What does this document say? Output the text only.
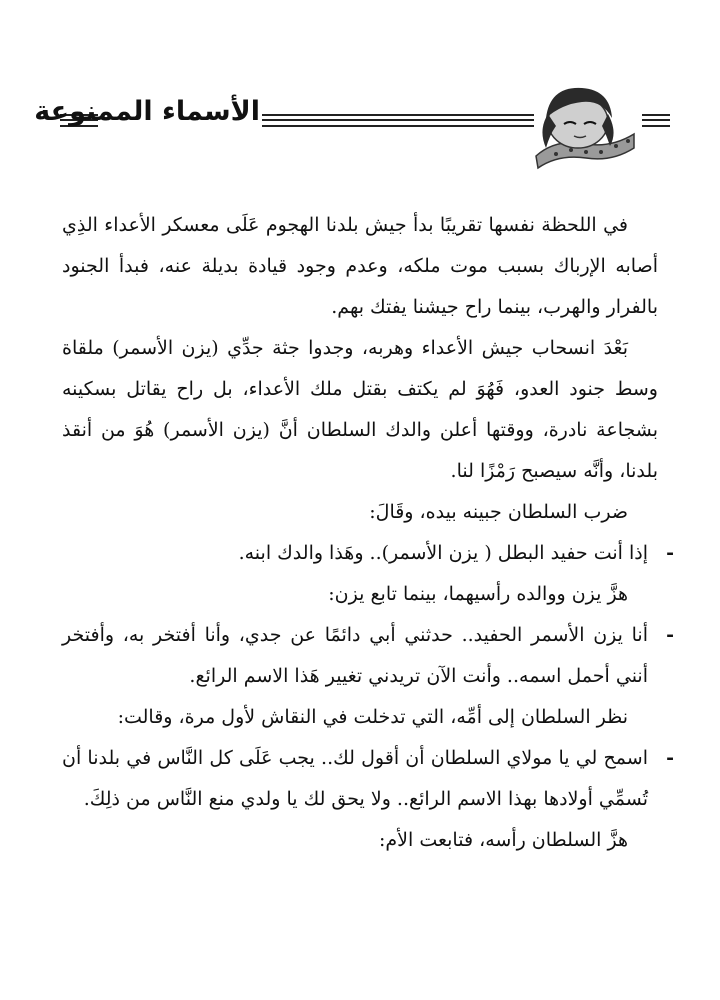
الأسماء الممنوعة

في اللحظة نفسها تقريبًا بدأ جيش بلدنا الهجوم عَلَى معسكر الأعداء الذِي أصابه الإرباك بسبب موت ملكه، وعدم وجود قيادة بديلة عنه، فبدأ الجنود بالفرار والهرب، بينما راح جيشنا يفتك بهم.

بَعْدَ انسحاب جيش الأعداء وهربه، وجدوا جثة جدِّي (يزن الأسمر) ملقاة وسط جنود العدو، فَهُوَ لم يكتف بقتل ملك الأعداء، بل راح يقاتل بسكينه بشجاعة نادرة، ووقتها أعلن والدك السلطان أنَّ (يزن الأسمر) هُوَ من أنقذ بلدنا، وأنَّه سيصبح رَمْزًا لنا.

ضرب السلطان جبينه بيده، وقَالَ:

-
إذا أنت حفيد البطل ( يزن الأسمر).. وهَذا والدك ابنه.

هزَّ يزن ووالده رأسيهما، بينما تابع يزن:

-
أنا يزن الأسمر الحفيد.. حدثني أبي دائمًا عن جدي، وأنا أفتخر به، وأفتخر أنني أحمل اسمه.. وأنت الآن تريدني تغيير هَذا الاسم الرائع.

نظر السلطان إلى أمِّه، التي تدخلت في النقاش لأول مرة، وقالت:

-
اسمح لي يا مولاي السلطان أن أقول لك.. يجب عَلَى كل النَّاس في بلدنا أن تُسمِّي أولادها بهذا الاسم الرائع.. ولا يحق لك يا ولدي منع النَّاس من ذلِكَ.

هزَّ السلطان رأسه، فتابعت الأم:
